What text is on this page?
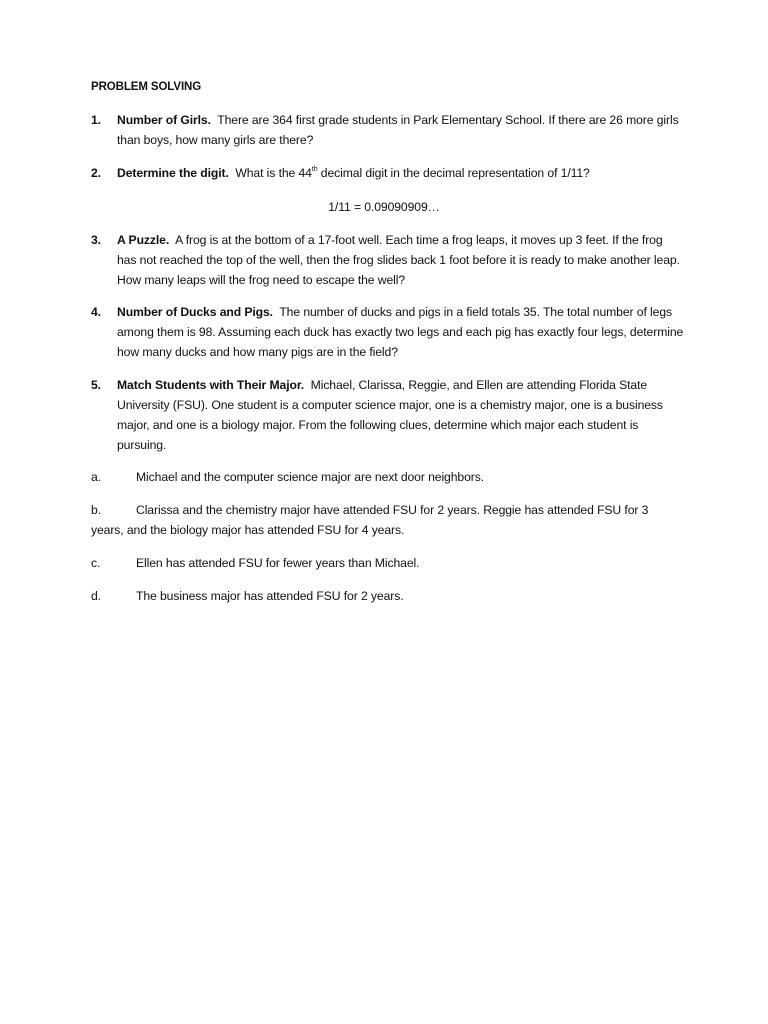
PROBLEM SOLVING
1. Number of Girls. There are 364 first grade students in Park Elementary School. If there are 26 more girls than boys, how many girls are there?
2. Determine the digit. What is the 44th decimal digit in the decimal representation of 1/11?
1/11 = 0.09090909…
3. A Puzzle. A frog is at the bottom of a 17-foot well. Each time a frog leaps, it moves up 3 feet. If the frog has not reached the top of the well, then the frog slides back 1 foot before it is ready to make another leap. How many leaps will the frog need to escape the well?
4. Number of Ducks and Pigs. The number of ducks and pigs in a field totals 35. The total number of legs among them is 98. Assuming each duck has exactly two legs and each pig has exactly four legs, determine how many ducks and how many pigs are in the field?
5. Match Students with Their Major. Michael, Clarissa, Reggie, and Ellen are attending Florida State University (FSU). One student is a computer science major, one is a chemistry major, one is a business major, and one is a biology major. From the following clues, determine which major each student is pursuing.
a.	Michael and the computer science major are next door neighbors.
b.	Clarissa and the chemistry major have attended FSU for 2 years. Reggie has attended FSU for 3 years, and the biology major has attended FSU for 4 years.
c.	Ellen has attended FSU for fewer years than Michael.
d.	The business major has attended FSU for 2 years.
